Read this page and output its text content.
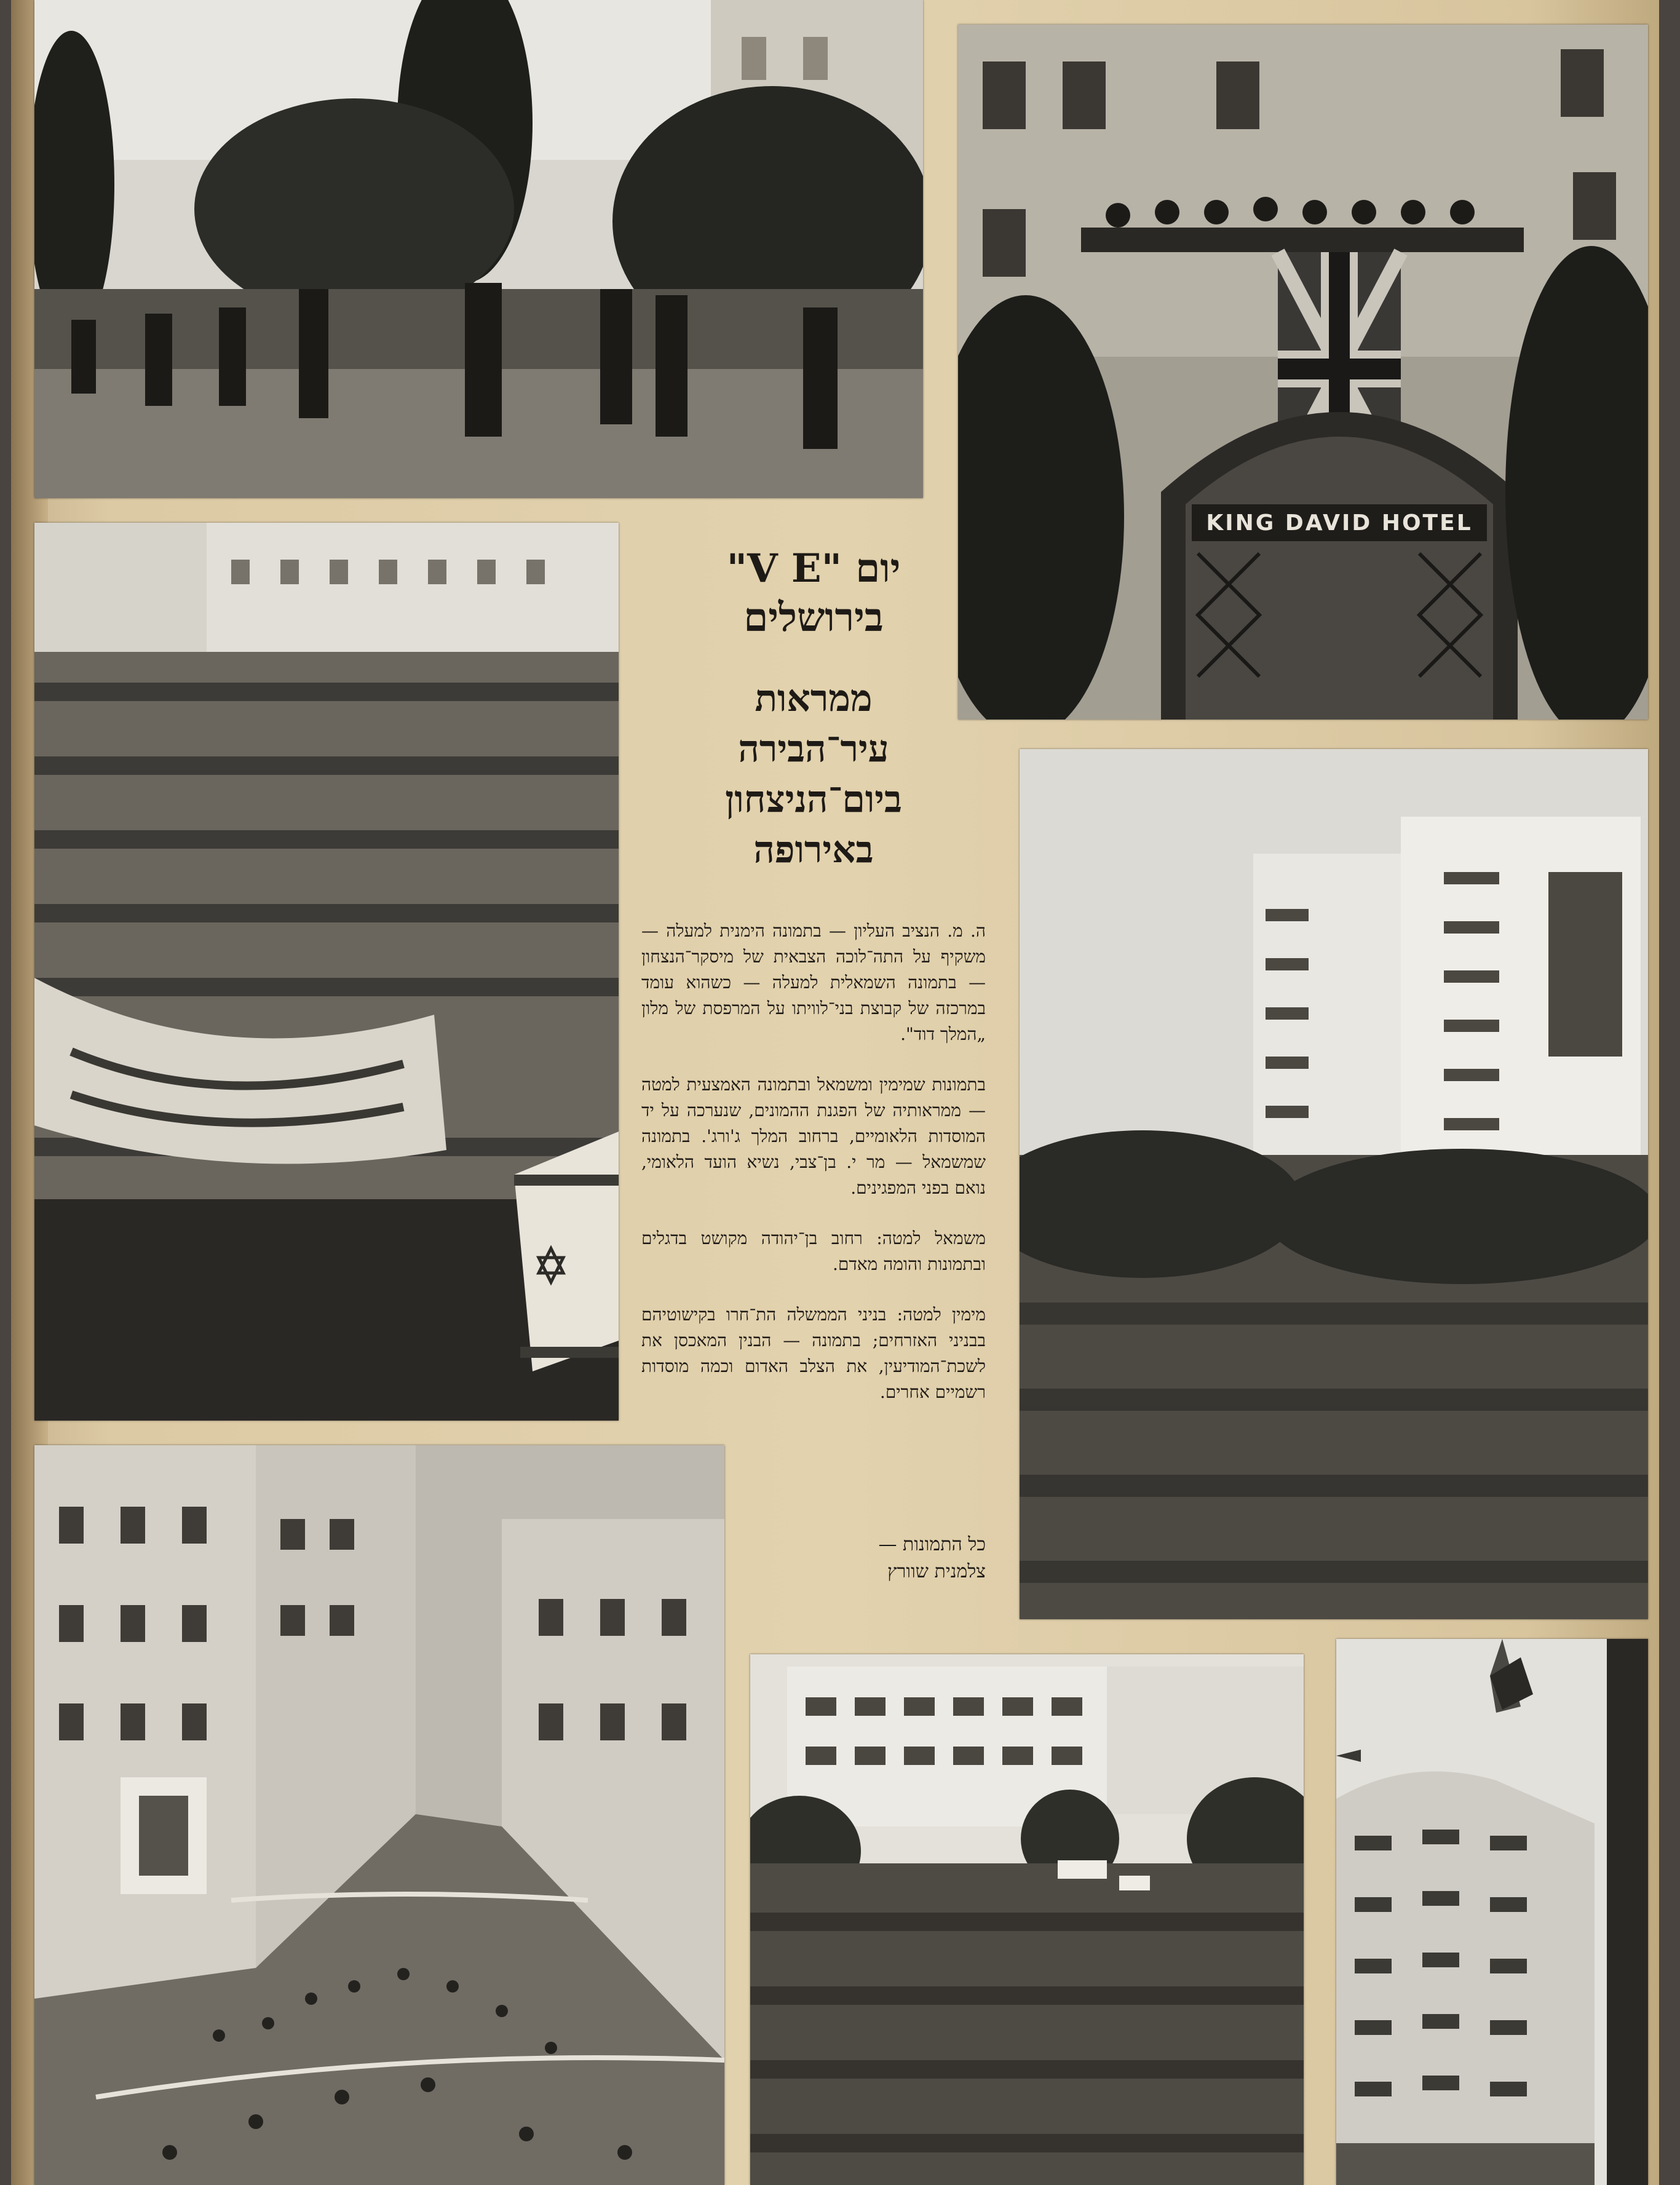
KING DAVID HOTEL

יום "V E"

בירושלים

ממראות

עיר־הבירה

ביום־הניצחון

באירופה

ה. מ. הנציב העליון — בתמונה הימנית למעלה — משקיף על התה־לוכה הצבאית של מיסקר־הנצחון — בתמונה השמאלית למעלה — כשהוא עומד במרכזה של קבוצת בני־לוויתו על המרפסת של מלון „המלך דוד".

בתמונות שמימין ומשמאל ובתמונה האמצעית למטה — ממראותיה של הפגנת ההמונים, שנערכה על יד המוסדות הלאומיים, ברחוב המלך ג'ורג'. בתמונה שמשמאל — מר י. בן־צבי, נשיא הועד הלאומי, נואם בפני המפגינים.

משמאל למטה: רחוב בן־יהודה מקושט בדגלים ובתמונות והומה מאדם.

מימין למטה: בניני הממשלה הת־חרו בקישוטיהם בבניני האזרחים; בתמונה — הבנין המאכסן את לשכת־המודיעין, את הצלב האדום וכמה מוסדות רשמיים אחרים.

כל התמונות —

צלמנית שוורץ
